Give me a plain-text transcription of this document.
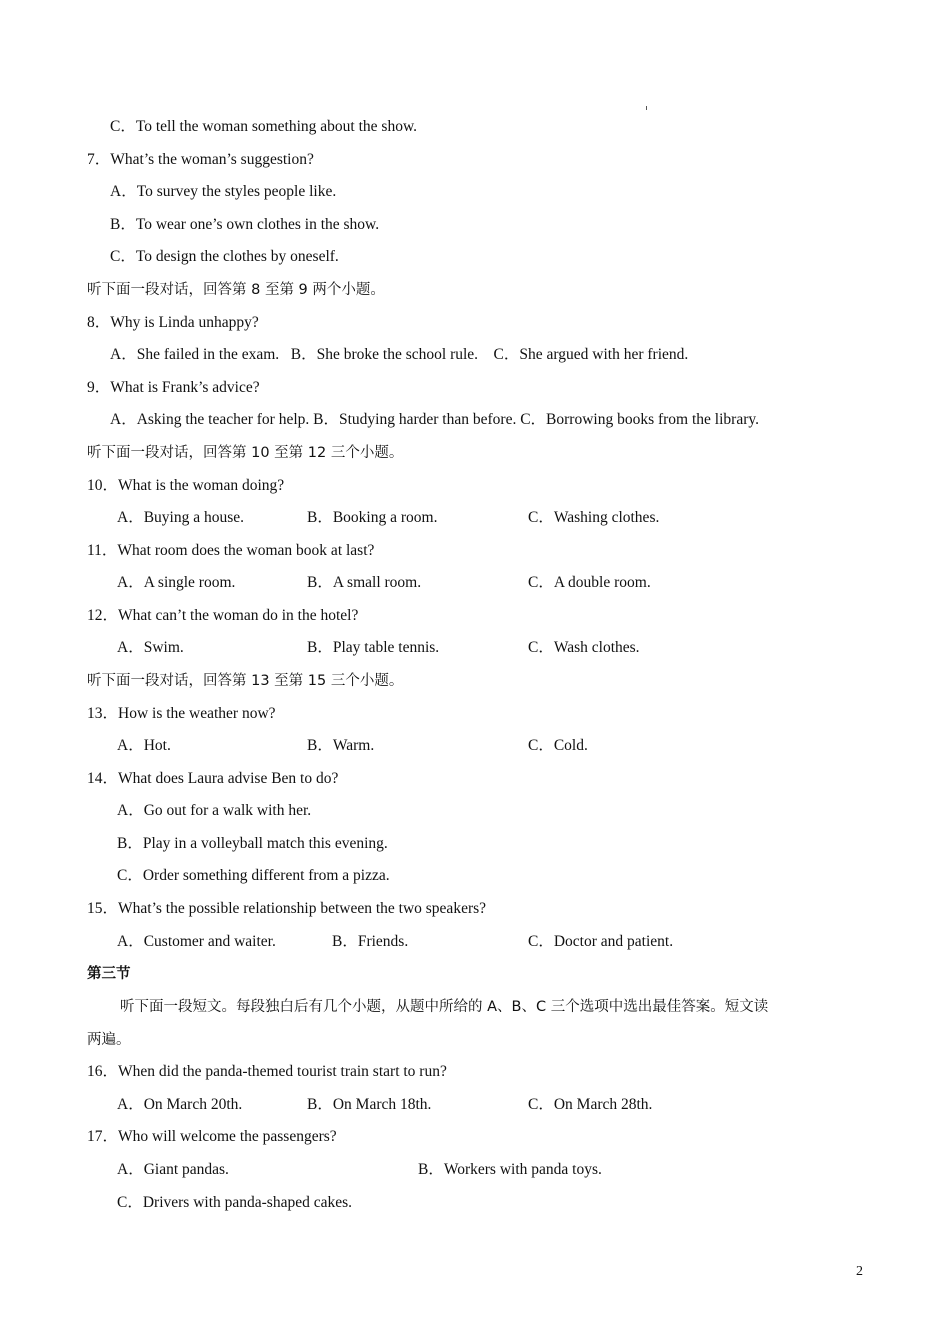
C．To tell the woman something about the show.
7．What’s the woman’s suggestion?
A．To survey the styles people like.
B．To wear one’s own clothes in the show.
C．To design the clothes by oneself.
听下面一段对话，回答第 8 至第 9 两个小题。
8．Why is Linda unhappy?
A．She failed in the exam.   B．She broke the school rule.    C．She argued with her friend.
9．What is Frank’s advice?
A．Asking the teacher for help. B．Studying harder than before. C．Borrowing books from the library.
听下面一段对话，回答第 10 至第 12 三个小题。
10．What is the woman doing?
A．Buying a house.	B．Booking a room.	C．Washing clothes.
11．What room does the woman book at last?
A．A single room.	B．A small room.	C．A double room.
12．What can’t the woman do in the hotel?
A．Swim.	B．Play table tennis.	C．Wash clothes.
听下面一段对话，回答第 13 至第 15 三个小题。
13．How is the weather now?
A．Hot.	B．Warm.	C．Cold.
14．What does Laura advise Ben to do?
A．Go out for a walk with her.
B．Play in a volleyball match this evening.
C．Order something different from a pizza.
15．What’s the possible relationship between the two speakers?
A．Customer and waiter.	B．Friends.	C．Doctor and patient.
第三节
听下面一段短文。每段独白后有几个小题，从题中所给的 A、B、C 三个选项中选出最佳答案。短文读
两遍。
16．When did the panda-themed tourist train start to run?
A．On March 20th.	B．On March 18th.	C．On March 28th.
17．Who will welcome the passengers?
A．Giant pandas.	B．Workers with panda toys.
C．Drivers with panda-shaped cakes.
2
